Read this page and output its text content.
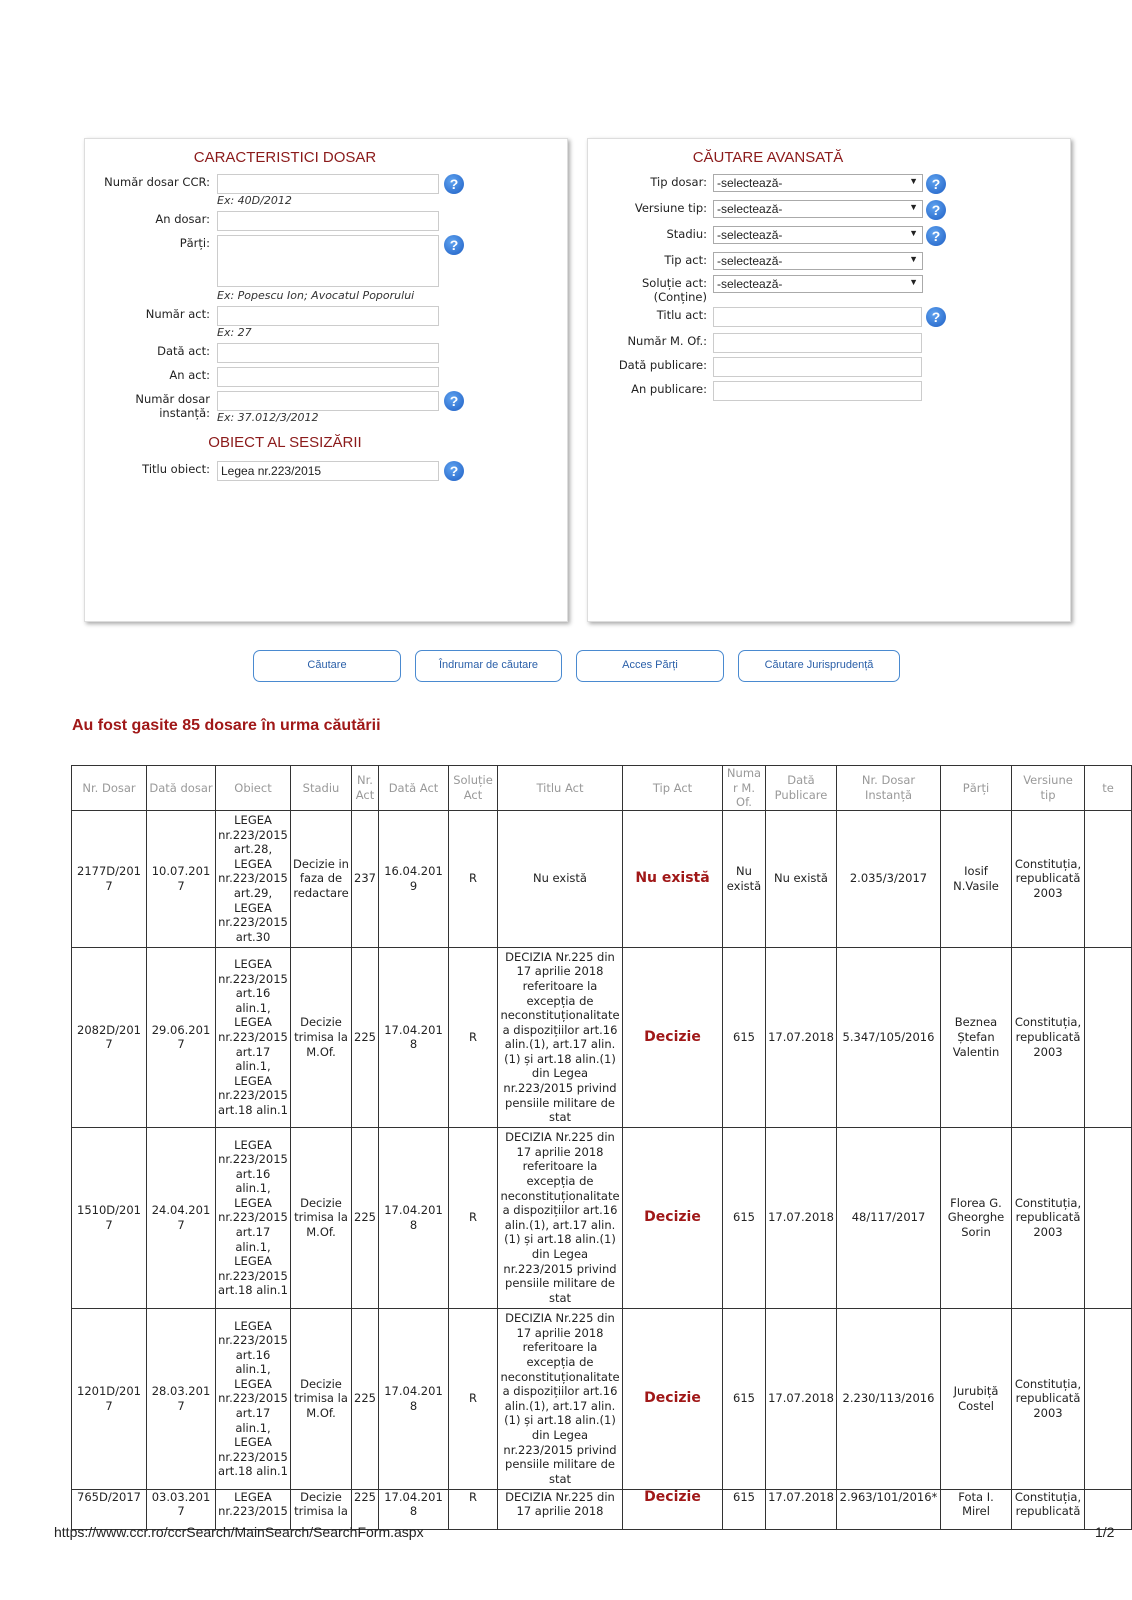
CARACTERISTICI DOSAR
Număr dosar CCR:	?
Ex: 40D/2012
An dosar:
Părți:	?
Ex: Popescu Ion; Avocatul Poporului
Număr act:
Ex: 27
Dată act:
An act:
Număr dosar instanță:
?
Ex: 37.012/3/2012
OBIECT AL SESIZĂRII
Titlu obiect:
Legea nr.223/2015	?
CĂUTARE AVANSATĂ
Tip dosar: -selectează-	▼ ?
Versiune tip: -selectează-	▼ ?
Stadiu: -selectează-	▼ ?
Tip act: -selectează-	▼
Soluție act:
(Conține)
-selectează-	▼
Titlu act:	?
Număr M. Of.:
Dată publicare:
An publicare:
Căutare	Îndrumar de căutare	Acces Părți	Căutare Jurisprudență
Au fost gasite 85 dosare în urma căutării
Nr. Dosar	Dată dosar	Obiect	Stadiu	Nr. Act	Dată Act	Soluție Act	Titlu Act	Tip Act	Numar M. Of.	Dată Publicare	Nr. Dosar Instanță	Părți	Versiune tip	te
2177D/2017	10.07.2017	LEGEA nr.223/2015 art.28, LEGEA nr.223/2015 art.29, LEGEA nr.223/2015 art.30	Decizie in faza de redactare	237	16.04.2019	R	Nu există	Nu există	Nu există	Nu există	2.035/3/2017	Iosif N.Vasile	Constituția, republicată 2003	
2082D/2017	29.06.2017	LEGEA nr.223/2015 art.16 alin.1, LEGEA nr.223/2015 art.17 alin.1, LEGEA nr.223/2015 art.18 alin.1	Decizie trimisa la M.Of.	225	17.04.2018	R	DECIZIA Nr.225 din 17 aprilie 2018 referitoare la excepția de neconstituționalitate a dispozițiilor art.16 alin.(1), art.17 alin.(1) și art.18 alin.(1) din Legea nr.223/2015 privind pensiile militare de stat	Decizie	615	17.07.2018	5.347/105/2016	Beznea Ștefan Valentin	Constituția, republicată 2003	
1510D/2017	24.04.2017	LEGEA nr.223/2015 art.16 alin.1, LEGEA nr.223/2015 art.17 alin.1, LEGEA nr.223/2015 art.18 alin.1	Decizie trimisa la M.Of.	225	17.04.2018	R	DECIZIA Nr.225 din 17 aprilie 2018 referitoare la excepția de neconstituționalitate a dispozițiilor art.16 alin.(1), art.17 alin.(1) și art.18 alin.(1) din Legea nr.223/2015 privind pensiile militare de stat	Decizie	615	17.07.2018	48/117/2017	Florea G. Gheorghe Sorin	Constituția, republicată 2003	
1201D/2017	28.03.2017	LEGEA nr.223/2015 art.16 alin.1, LEGEA nr.223/2015 art.17 alin.1, LEGEA nr.223/2015 art.18 alin.1	Decizie trimisa la M.Of.	225	17.04.2018	R	DECIZIA Nr.225 din 17 aprilie 2018 referitoare la excepția de neconstituționalitate a dispozițiilor art.16 alin.(1), art.17 alin.(1) și art.18 alin.(1) din Legea nr.223/2015 privind pensiile militare de stat	Decizie	615	17.07.2018	2.230/113/2016	Jurubiță Costel	Constituția, republicată 2003	
765D/2017	03.03.2017	LEGEA nr.223/2015	Decizie trimisa la	225	17.04.2018	R	DECIZIA Nr.225 din 17 aprilie 2018	Decizie	615	17.07.2018	2.963/101/2016*	Fota I. Mirel	Constituția, republicată	
https://www.ccr.ro/ccrSearch/MainSearch/SearchForm.aspx	1/2
